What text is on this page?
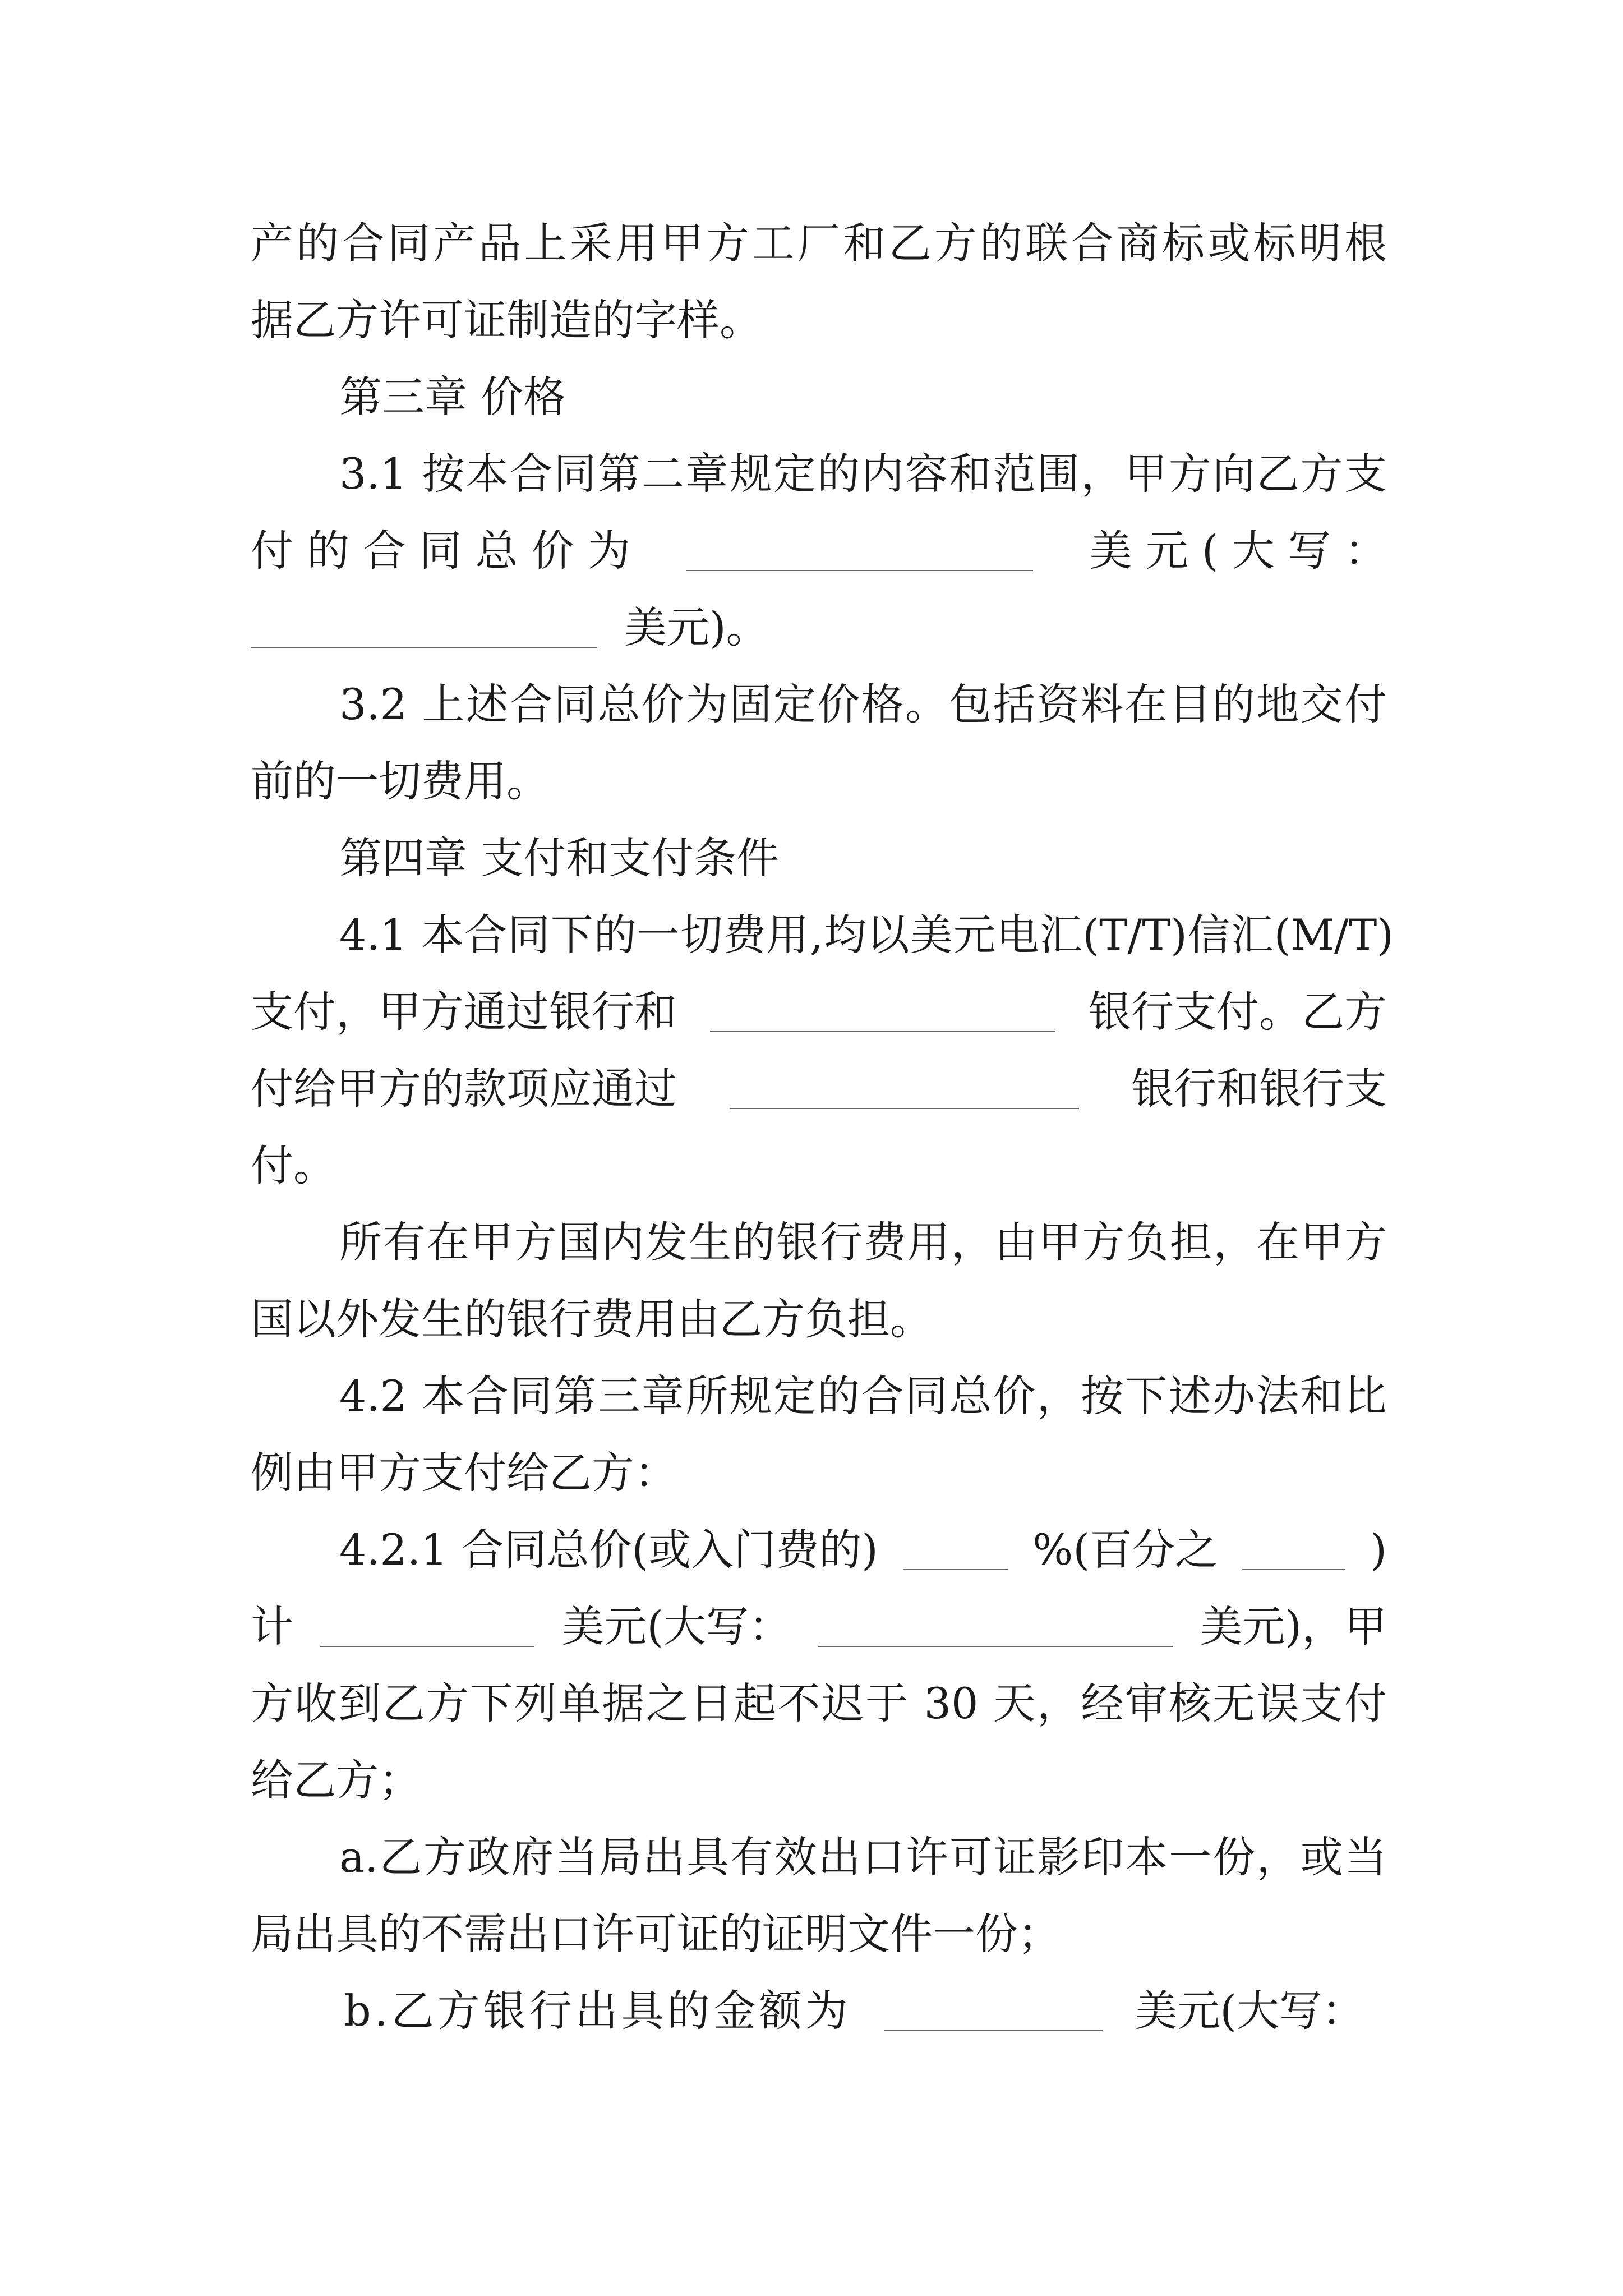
产的合同产品上采用甲方工厂和乙方的联合商标或标明根
据乙方许可证制造的字样。
第三章 价格
3.1 按本合同第二章规定的内容和范围，甲方向乙方支
付 的 合 同 总 价 为	美 元 ( 大 写 ：
美元)。
3.2 上述合同总价为固定价格。包括资料在目的地交付
前的一切费用。
第四章 支付和支付条件
4.1 本合同下的一切费用,均以美元电汇(T/T)信汇(M/T)
支付，甲方通过银行和	银行支付。乙方
付给甲方的款项应通过	银行和银行支
付。
所有在甲方国内发生的银行费用，由甲方负担，在甲方
国以外发生的银行费用由乙方负担。
4.2 本合同第三章所规定的合同总价，按下述办法和比
例由甲方支付给乙方：
4.2.1 合同总价(或入门费的)	%(百分之	)
计	美元(大写：	美元)，甲
方收到乙方下列单据之日起不迟于 30 天，经审核无误支付
给乙方；
a.乙方政府当局出具有效出口许可证影印本一份，或当
局出具的不需出口许可证的证明文件一份；
b.乙方银行出具的金额为	美元(大写：
